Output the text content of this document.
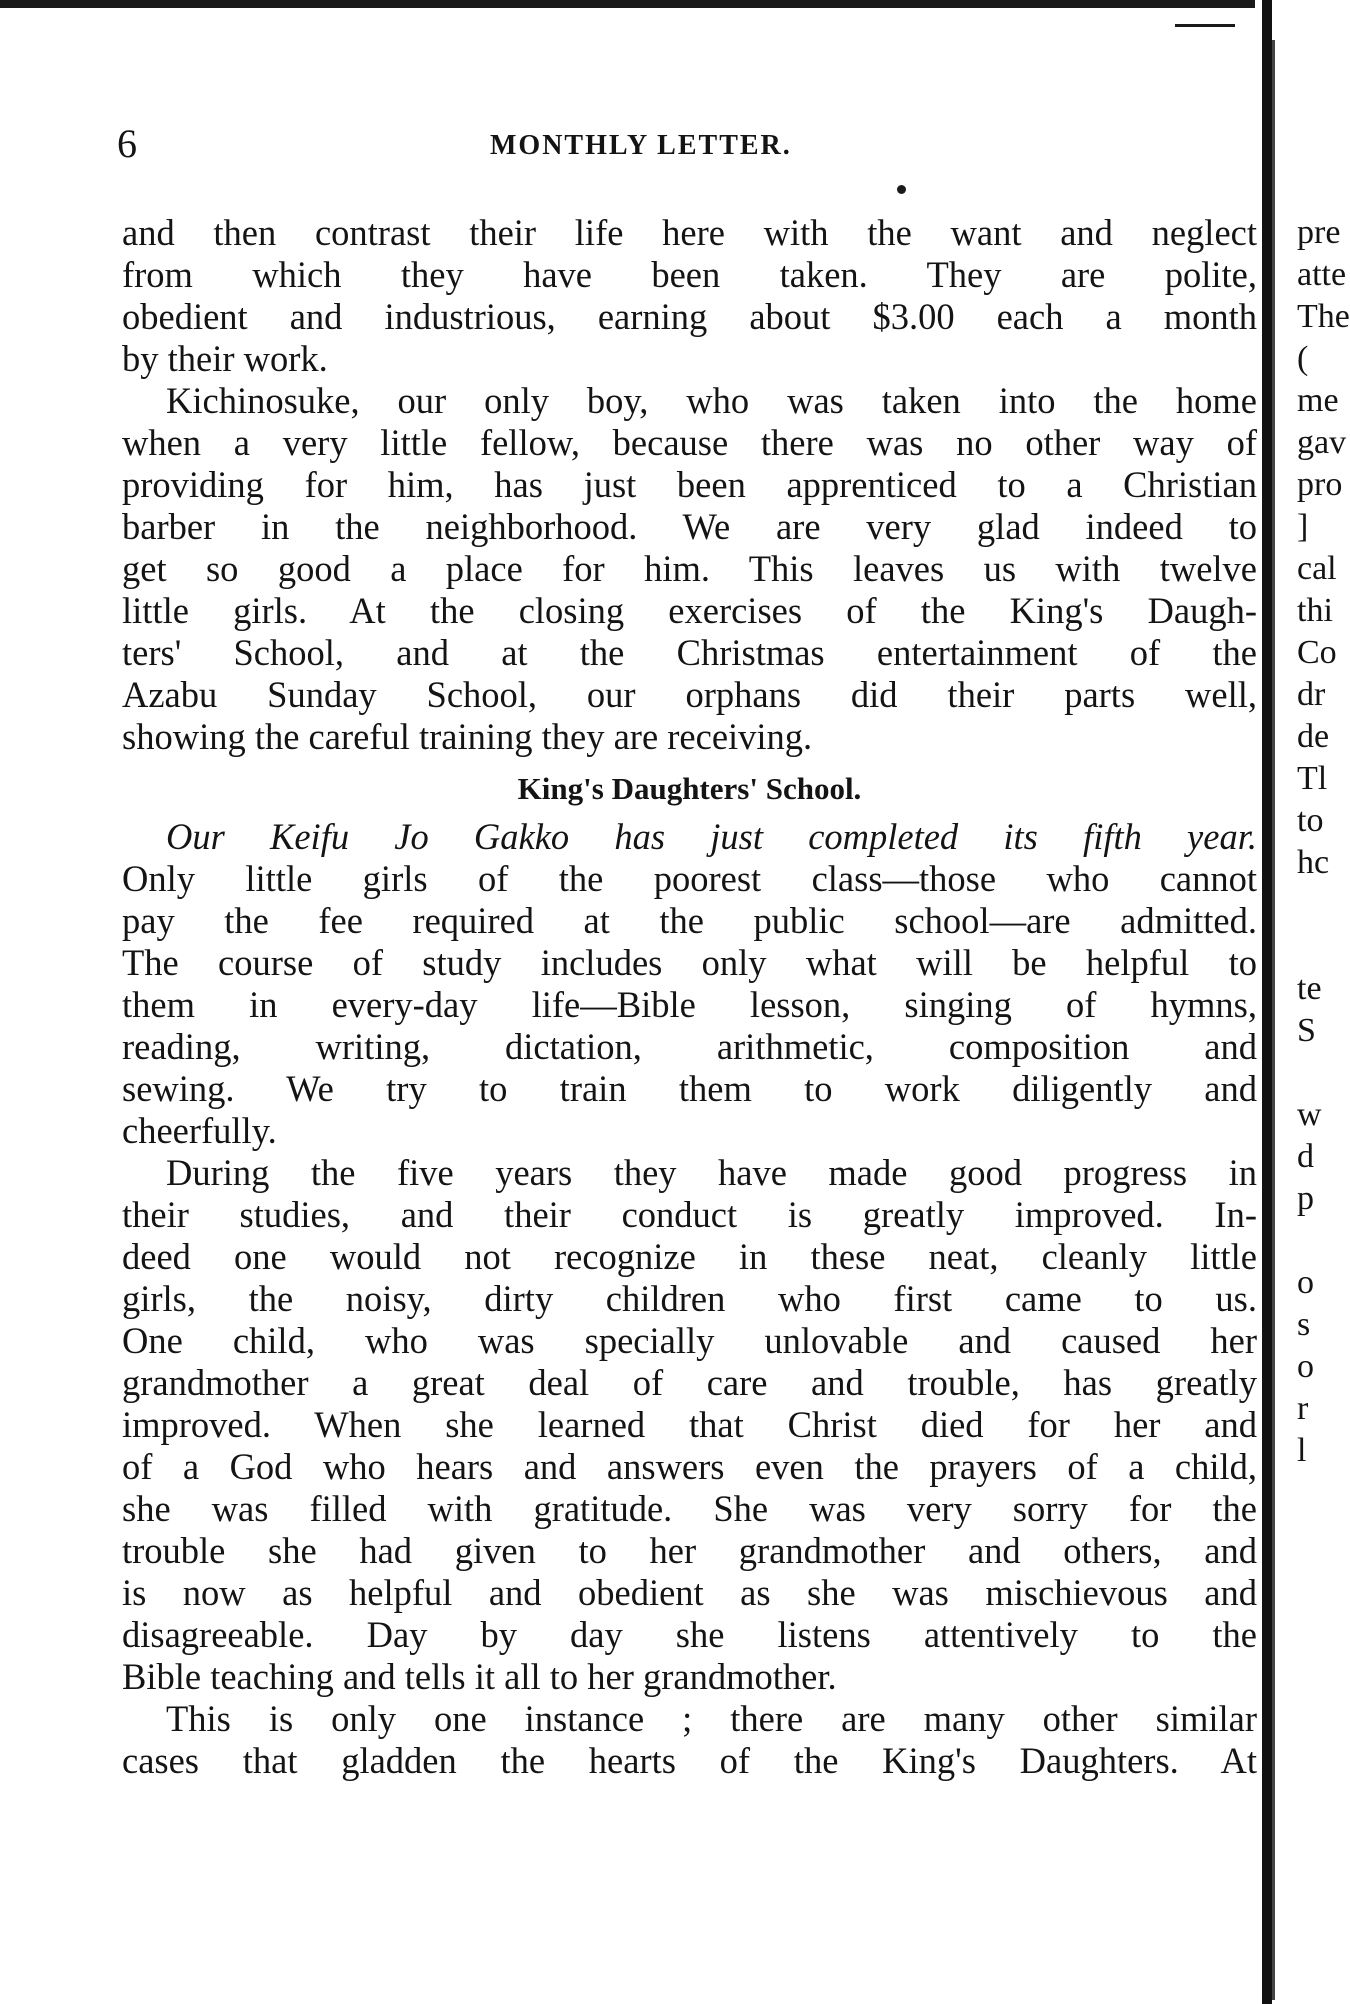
6	MONTHLY LETTER.
and then contrast their life here with the want and neglect
from which they have been taken. They are polite,
obedient and industrious, earning about $3.00 each a month
by their work.
Kichinosuke, our only boy, who was taken into the home
when a very little fellow, because there was no other way of
providing for him, has just been apprenticed to a Christian
barber in the neighborhood. We are very glad indeed to
get so good a place for him. This leaves us with twelve
little girls. At the closing exercises of the King's Daugh-
ters' School, and at the Christmas entertainment of the
Azabu Sunday School, our orphans did their parts well,
showing the careful training they are receiving.
King's Daughters' School.
Our Keifu Jo Gakko has just completed its fifth year.
Only little girls of the poorest class—those who cannot
pay the fee required at the public school—are admitted.
The course of study includes only what will be helpful to
them in every-day life—Bible lesson, singing of hymns,
reading, writing, dictation, arithmetic, composition and
sewing. We try to train them to work diligently and
cheerfully.
During the five years they have made good progress in
their studies, and their conduct is greatly improved. In-
deed one would not recognize in these neat, cleanly little
girls, the noisy, dirty children who first came to us.
One child, who was specially unlovable and caused her
grandmother a great deal of care and trouble, has greatly
improved. When she learned that Christ died for her and
of a God who hears and answers even the prayers of a child,
she was filled with gratitude. She was very sorry for the
trouble she had given to her grandmother and others, and
is now as helpful and obedient as she was mischievous and
disagreeable. Day by day she listens attentively to the
Bible teaching and tells it all to her grandmother.
This is only one instance ; there are many other similar
cases that gladden the hearts of the King's Daughters. At
pre
atte
The
(
me
gav
pro
]
cal
thi
Co
dr
de
Tl
to
hc
te
S
w
d
p
o
s
o
r
l
